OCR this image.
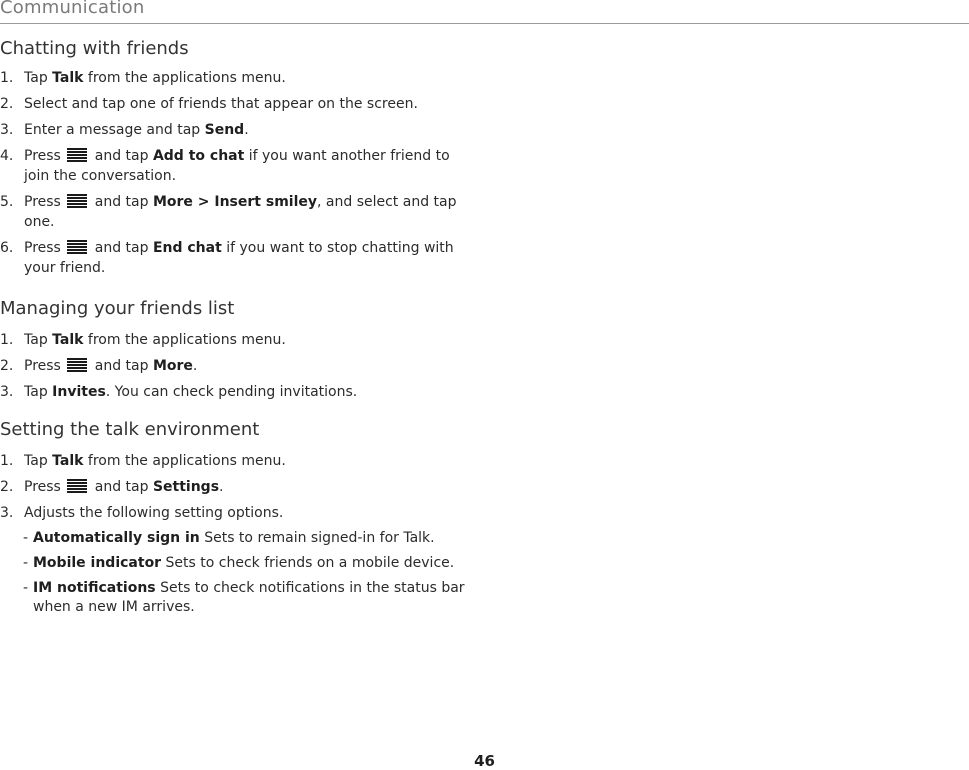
Communication
Chatting with friends
1. Tap Talk from the applications menu.
2. Select and tap one of friends that appear on the screen.
3. Enter a message and tap Send.
4. Press
and tap Add to chat if you want another friend to join the conversation.
5. Press
and tap More > Insert smiley, and select and tap one.
6. Press
and tap End chat if you want to stop chatting with your friend.
Managing your friends list
1. Tap Talk from the applications menu.
2. Press
and tap More.
3. Tap Invites. You can check pending invitations.
Setting the talk environment
1. Tap Talk from the applications menu.
2. Press
and tap Settings.
3. Adjusts the following setting options.
- Automatically sign in Sets to remain signed-in for Talk.
- Mobile indicator Sets to check friends on a mobile device.
- IM notifications Sets to check notifications in the status bar when a new IM arrives.
46
